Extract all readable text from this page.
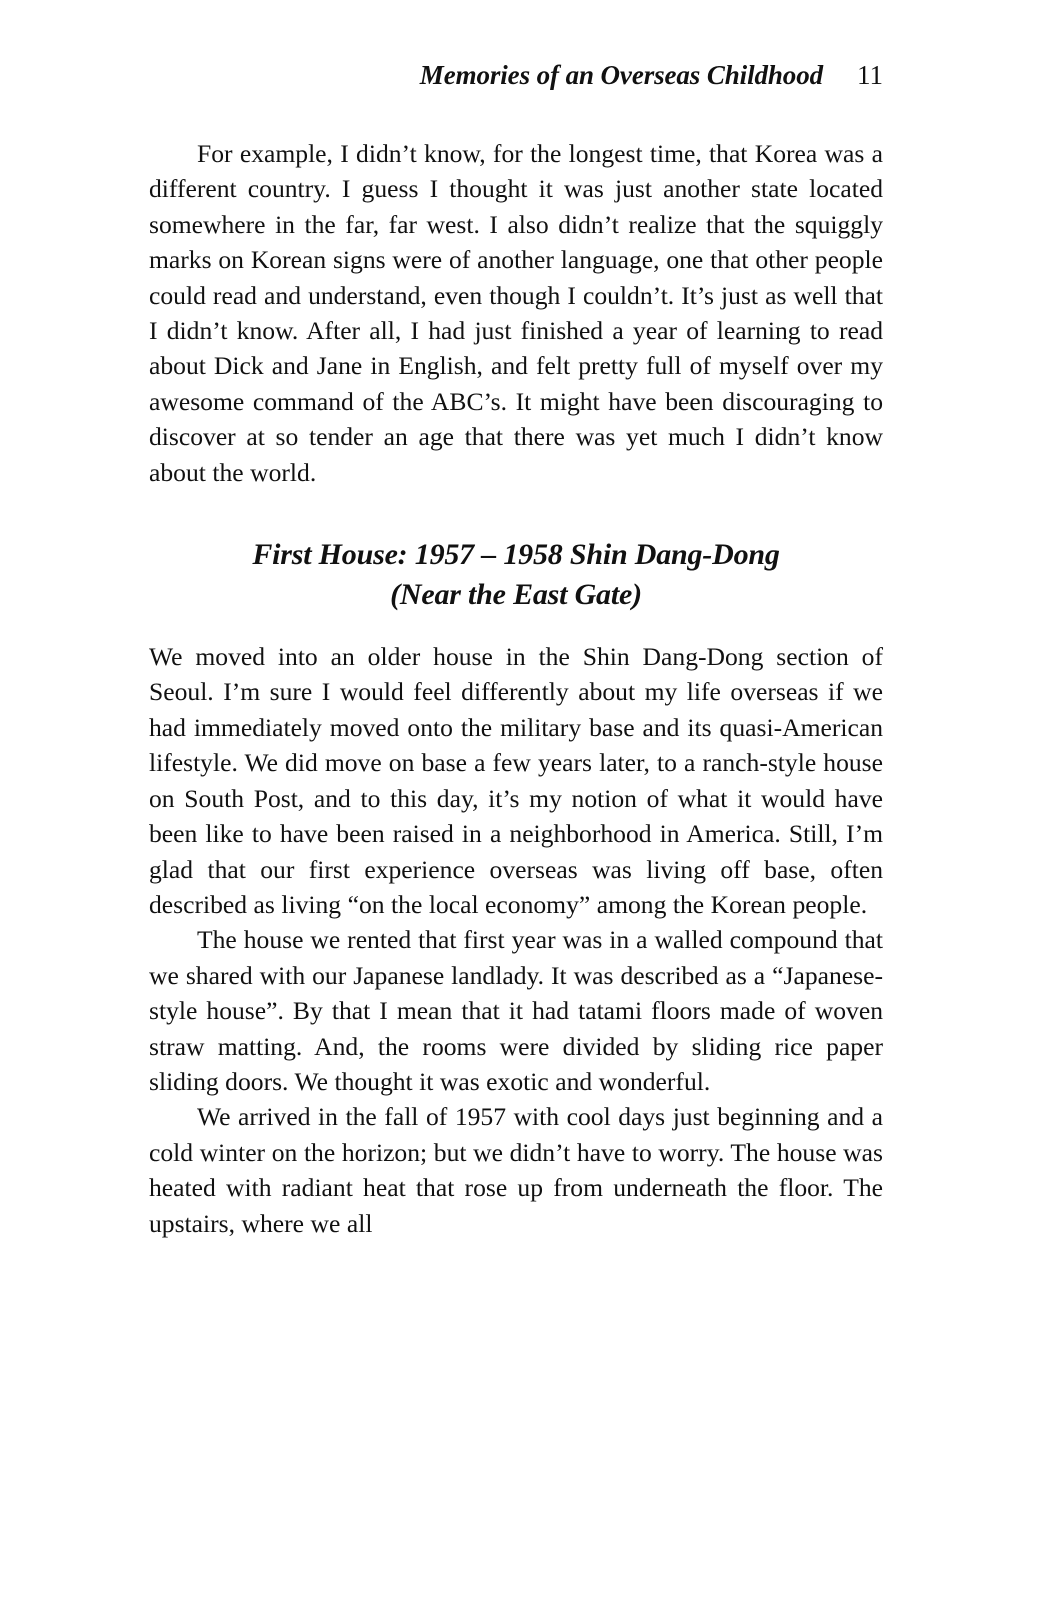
Memories of an Overseas Childhood 11

For example, I didn’t know, for the longest time, that Korea was a different country. I guess I thought it was just another state located somewhere in the far, far west. I also didn’t realize that the squiggly marks on Korean signs were of another language, one that other people could read and understand, even though I couldn’t. It’s just as well that I didn’t know. After all, I had just finished a year of learning to read about Dick and Jane in English, and felt pretty full of myself over my awesome command of the ABC’s. It might have been discouraging to discover at so tender an age that there was yet much I didn’t know about the world.

First House: 1957 – 1958 Shin Dang-Dong
(Near the East Gate)

We moved into an older house in the Shin Dang-Dong section of Seoul. I’m sure I would feel differently about my life overseas if we had immediately moved onto the military base and its quasi-American lifestyle. We did move on base a few years later, to a ranch-style house on South Post, and to this day, it’s my notion of what it would have been like to have been raised in a neighborhood in America. Still, I’m glad that our first experience overseas was living off base, often described as living “on the local economy” among the Korean people.

The house we rented that first year was in a walled compound that we shared with our Japanese landlady. It was described as a “Japanese-style house”. By that I mean that it had tatami floors made of woven straw matting. And, the rooms were divided by sliding rice paper sliding doors. We thought it was exotic and wonderful.

We arrived in the fall of 1957 with cool days just beginning and a cold winter on the horizon; but we didn’t have to worry. The house was heated with radiant heat that rose up from underneath the floor. The upstairs, where we all
